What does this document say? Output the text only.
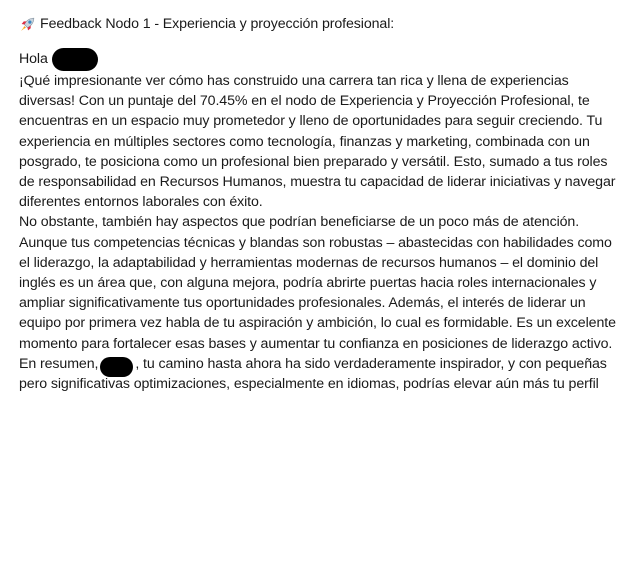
Feedback Nodo 1 - Experiencia y proyección profesional:
Hola

¡Qué impresionante ver cómo has construido una carrera tan rica y llena de experiencias diversas! Con un puntaje del 70.45% en el nodo de Experiencia y Proyección Profesional, te encuentras en un espacio muy prometedor y lleno de oportunidades para seguir creciendo. Tu experiencia en múltiples sectores como tecnología, finanzas y marketing, combinada con un posgrado, te posiciona como un profesional bien preparado y versátil. Esto, sumado a tus roles de responsabilidad en Recursos Humanos, muestra tu capacidad de liderar iniciativas y navegar diferentes entornos laborales con éxito.

No obstante, también hay aspectos que podrían beneficiarse de un poco más de atención. Aunque tus competencias técnicas y blandas son robustas – abastecidas con habilidades como el liderazgo, la adaptabilidad y herramientas modernas de recursos humanos – el dominio del inglés es un área que, con alguna mejora, podría abrirte puertas hacia roles internacionales y ampliar significativamente tus oportunidades profesionales. Además, el interés de liderar un equipo por primera vez habla de tu aspiración y ambición, lo cual es formidable. Es un excelente momento para fortalecer esas bases y aumentar tu confianza en posiciones de liderazgo activo.

En resumen,	, tu camino hasta ahora ha sido verdaderamente inspirador, y con pequeñas pero significativas optimizaciones, especialmente en idiomas, podrías elevar aún más tu perfil
